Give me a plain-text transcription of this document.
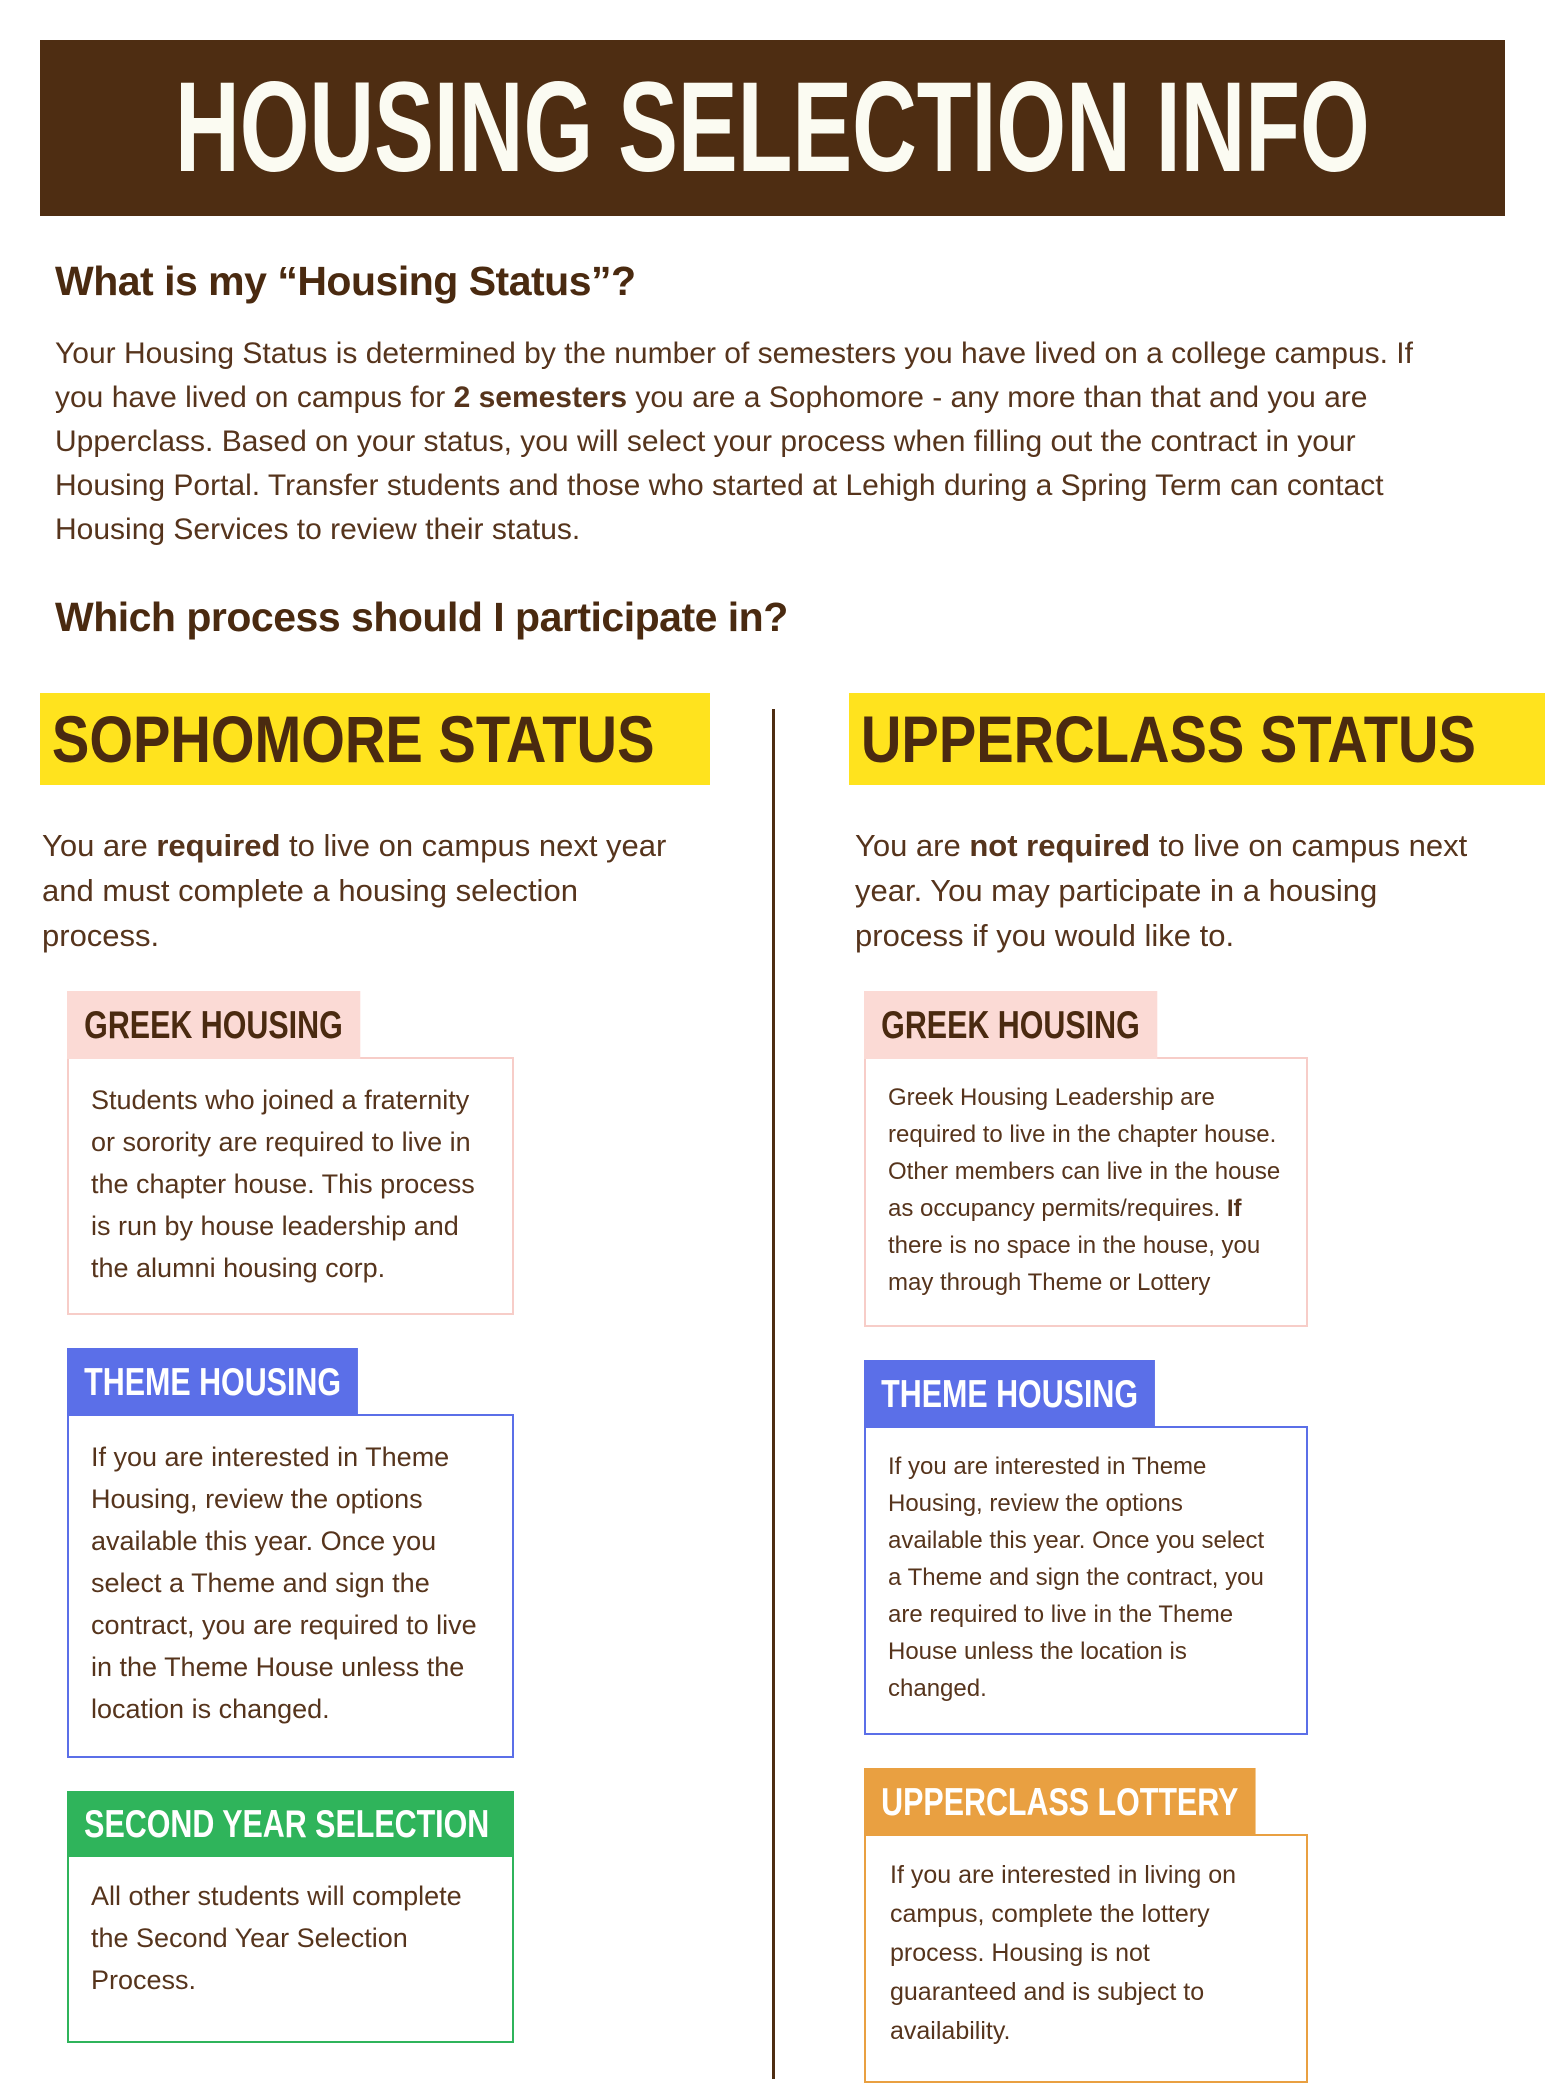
HOUSING SELECTION INFO
What is my “Housing Status”?

Your Housing Status is determined by the number of semesters you have lived on a college campus. If you have lived on campus for 2 semesters you are a Sophomore - any more than that and you are Upperclass. Based on your status, you will select your process when filling out the contract in your Housing Portal. Transfer students and those who started at Lehigh during a Spring Term can contact Housing Services to review their status.

Which process should I participate in?
SOPHOMORE STATUS

You are required to live on campus next year and must complete a housing selection process.

GREEK HOUSING

Students who joined a fraternity or sorority are required to live in the chapter house. This process is run by house leadership and the alumni housing corp.

THEME HOUSING

If you are interested in Theme Housing, review the options available this year. Once you select a Theme and sign the contract, you are required to live in the Theme House unless the location is changed.

SECOND YEAR SELECTION

All other students will complete the Second Year Selection Process.

UPPERCLASS STATUS

You are not required to live on campus next year. You may participate in a housing process if you would like to.

GREEK HOUSING

Greek Housing Leadership are required to live in the chapter house. Other members can live in the house as occupancy permits/requires. If there is no space in the house, you may through Theme or Lottery

THEME HOUSING

If you are interested in Theme Housing, review the options available this year. Once you select a Theme and sign the contract, you are required to live in the Theme House unless the location is changed.

UPPERCLASS LOTTERY

If you are interested in living on campus, complete the lottery process. Housing is not guaranteed and is subject to availability.
